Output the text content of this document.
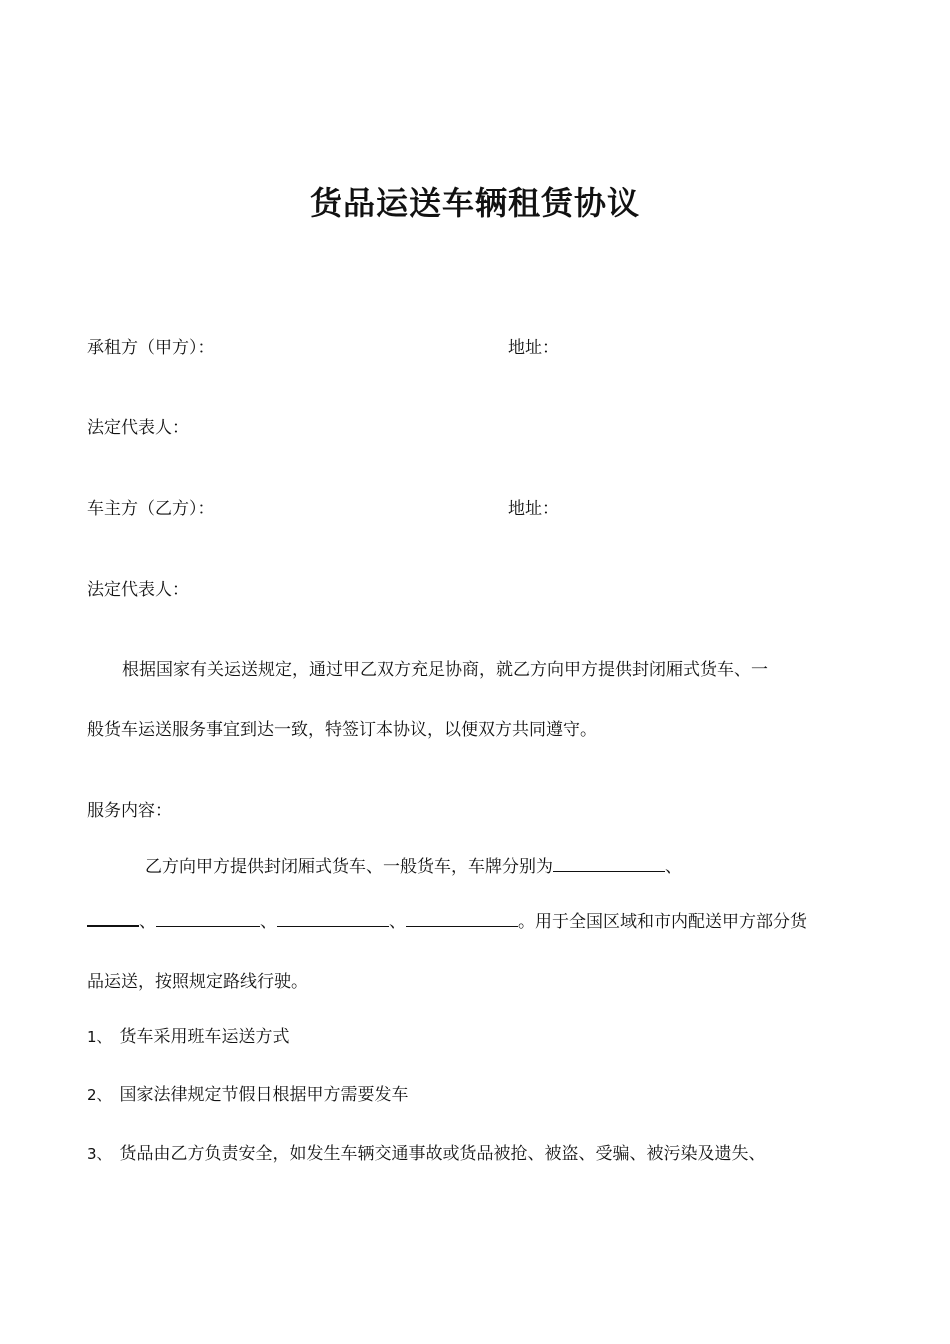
货品运送车辆租赁协议
承租方（甲方）：	地址：
法定代表人：
车主方（乙方）：	地址：
法定代表人：
根据国家有关运送规定，通过甲乙双方充足协商，就乙方向甲方提供封闭厢式货车、一
般货车运送服务事宜到达一致，特签订本协议，以便双方共同遵守。
服务内容：
乙方向甲方提供封闭厢式货车、一般货车，车牌分别为	、
、	、	、	。用于全国区域和市内配送甲方部分货
品运送，按照规定路线行驶。
1、 货车采用班车运送方式
2、 国家法律规定节假日根据甲方需要发车
3、 货品由乙方负责安全，如发生车辆交通事故或货品被抢、被盗、受骗、被污染及遗失、
